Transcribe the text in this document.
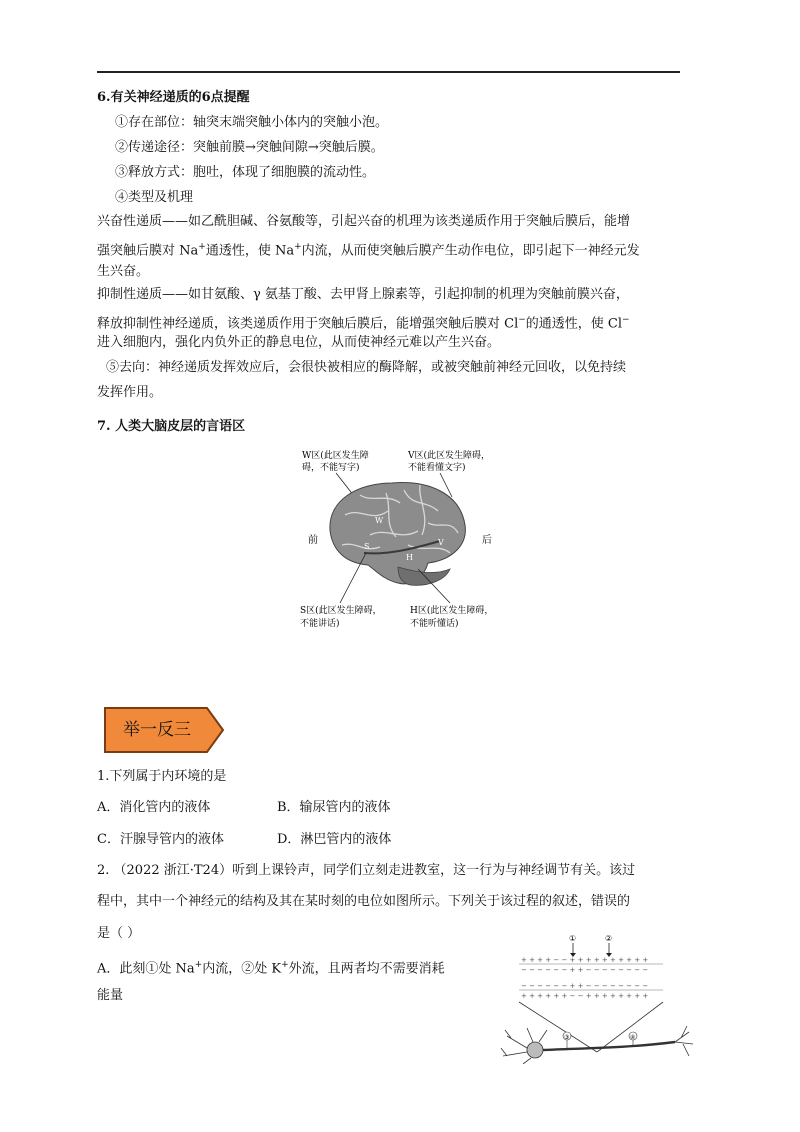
6.有关神经递质的6点提醒
①存在部位：轴突末端突触小体内的突触小泡。
②传递途径：突触前膜→突触间隙→突触后膜。
③释放方式：胞吐，体现了细胞膜的流动性。
④类型及机理
兴奋性递质——如乙酰胆碱、谷氨酸等，引起兴奋的机理为该类递质作用于突触后膜后，能增
强突触后膜对 Na+通透性，使 Na+内流，从而使突触后膜产生动作电位，即引起下一神经元发
生兴奋。
抑制性递质——如甘氨酸、γ 氨基丁酸、去甲肾上腺素等，引起抑制的机理为突触前膜兴奋，
释放抑制性神经递质，该类递质作用于突触后膜后，能增强突触后膜对 Cl−的通透性，使 Cl−
进入细胞内，强化内负外正的静息电位，从而使神经元难以产生兴奋。
⑤去向：神经递质发挥效应后，会很快被相应的酶降解，或被突触前神经元回收，以免持续
发挥作用。
7. 人类大脑皮层的言语区
W区(此区发生障
碍，不能写字)
V区(此区发生障碍，
不能看懂文字)
W
S
H
V
前	后
S区(此区发生障碍，
不能讲话)
H区(此区发生障碍，
不能听懂话)
举一反三
1.下列属于内环境的是
A．消化管内的液体	B．输尿管内的液体
C．汗腺导管内的液体	D．淋巴管内的液体
2. （2022 浙江·T24）听到上课铃声，同学们立刻走进教室，这一行为与神经调节有关。该过
程中，其中一个神经元的结构及其在某时刻的电位如图所示。下列关于该过程的叙述，错误的
是（ ）
A．此刻①处 Na+内流，②处 K+外流，且两者均不需要消耗
能量
①	②
+ + + + − − + + + + + + + + + +
− − − − − − + + − − − − − − − −
− − − − − − + + − − − − − − − −
+ + + + + + − − + + + + + + + +
③	④
